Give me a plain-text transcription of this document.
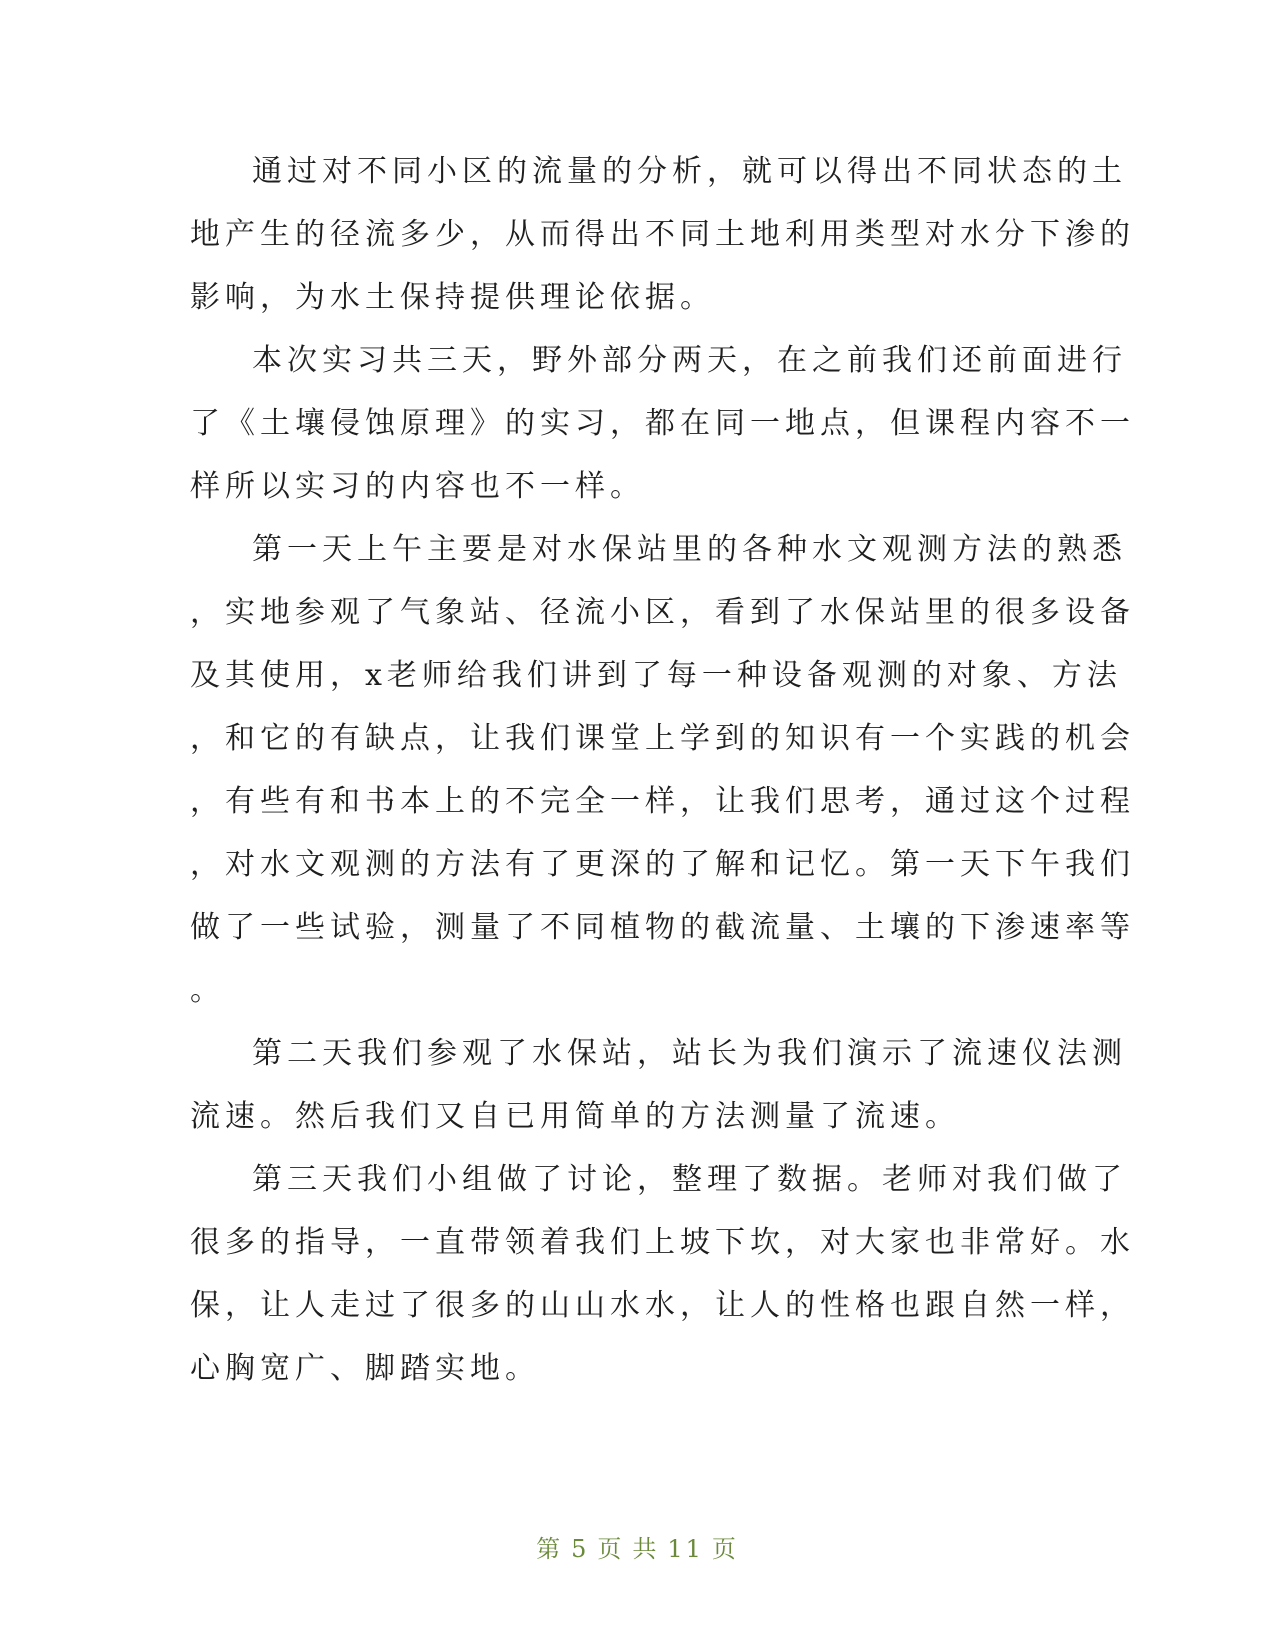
通过对不同小区的流量的分析，就可以得出不同状态的土
地产生的径流多少，从而得出不同土地利用类型对水分下渗的
影响，为水土保持提供理论依据。
本次实习共三天，野外部分两天，在之前我们还前面进行
了《土壤侵蚀原理》的实习，都在同一地点，但课程内容不一
样所以实习的内容也不一样。
第一天上午主要是对水保站里的各种水文观测方法的熟悉
，实地参观了气象站、径流小区，看到了水保站里的很多设备
及其使用，x老师给我们讲到了每一种设备观测的对象、方法
，和它的有缺点，让我们课堂上学到的知识有一个实践的机会
，有些有和书本上的不完全一样，让我们思考，通过这个过程
，对水文观测的方法有了更深的了解和记忆。第一天下午我们
做了一些试验，测量了不同植物的截流量、土壤的下渗速率等
。
第二天我们参观了水保站，站长为我们演示了流速仪法测
流速。然后我们又自已用简单的方法测量了流速。
第三天我们小组做了讨论，整理了数据。老师对我们做了
很多的指导，一直带领着我们上坡下坎，对大家也非常好。水
保，让人走过了很多的山山水水，让人的性格也跟自然一样，
心胸宽广、脚踏实地。
第 5 页 共 11 页
